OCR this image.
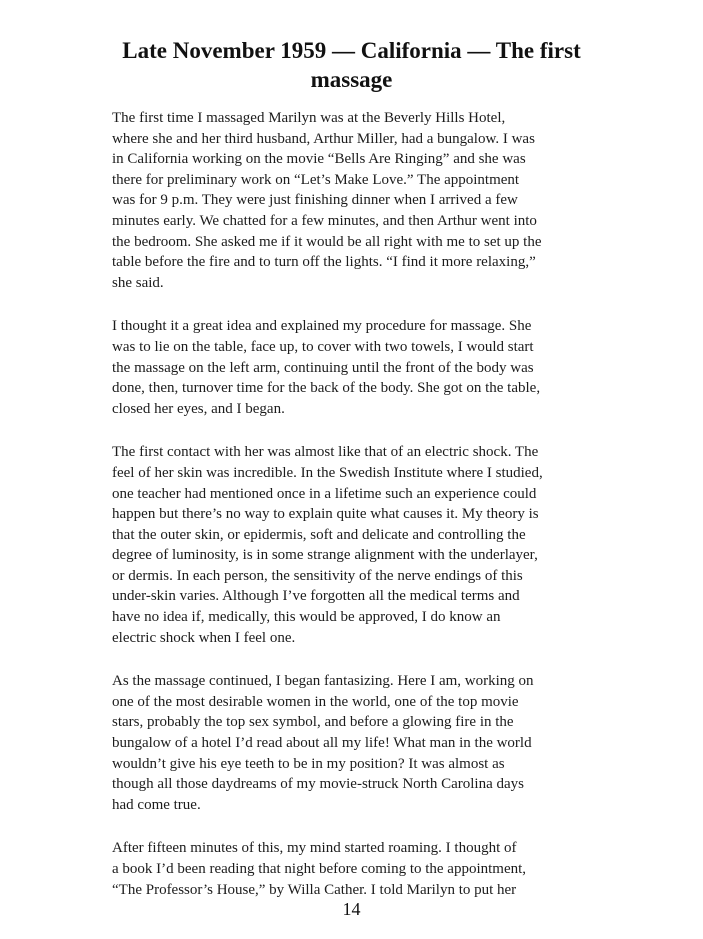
Late November 1959 — California — The first
massage

The first time I massaged Marilyn was at the Beverly Hills Hotel,
where she and her third husband, Arthur Miller, had a bungalow. I was
in California working on the movie “Bells Are Ringing” and she was
there for preliminary work on “Let’s Make Love.” The appointment
was for 9 p.m. They were just finishing dinner when I arrived a few
minutes early. We chatted for a few minutes, and then Arthur went into
the bedroom. She asked me if it would be all right with me to set up the
table before the fire and to turn off the lights. “I find it more relaxing,”
she said.

I thought it a great idea and explained my procedure for massage. She
was to lie on the table, face up, to cover with two towels, I would start
the massage on the left arm, continuing until the front of the body was
done, then, turnover time for the back of the body. She got on the table,
closed her eyes, and I began.

The first contact with her was almost like that of an electric shock. The
feel of her skin was incredible. In the Swedish Institute where I studied,
one teacher had mentioned once in a lifetime such an experience could
happen but there’s no way to explain quite what causes it. My theory is
that the outer skin, or epidermis, soft and delicate and controlling the
degree of luminosity, is in some strange alignment with the underlayer,
or dermis. In each person, the sensitivity of the nerve endings of this
under-skin varies. Although I’ve forgotten all the medical terms and
have no idea if, medically, this would be approved, I do know an
electric shock when I feel one.

As the massage continued, I began fantasizing. Here I am, working on
one of the most desirable women in the world, one of the top movie
stars, probably the top sex symbol, and before a glowing fire in the
bungalow of a hotel I’d read about all my life! What man in the world
wouldn’t give his eye teeth to be in my position? It was almost as
though all those daydreams of my movie-struck North Carolina days
had come true.

After fifteen minutes of this, my mind started roaming. I thought of
a book I’d been reading that night before coming to the appointment,
“The Professor’s House,” by Willa Cather. I told Marilyn to put her

14
